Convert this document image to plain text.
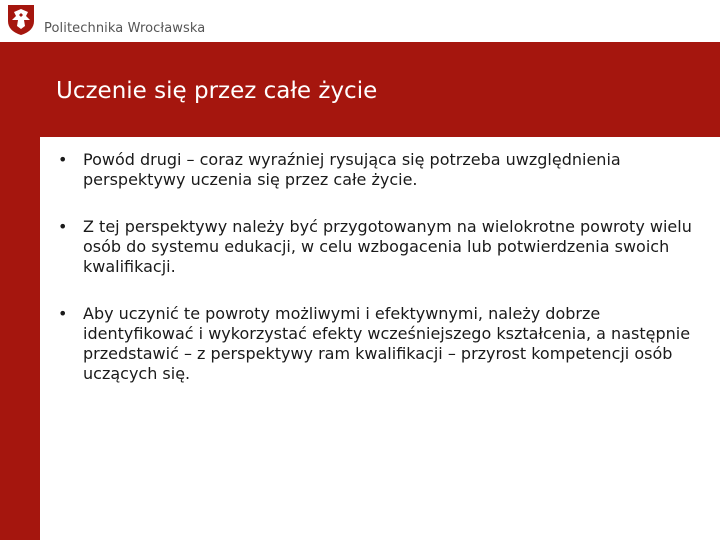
Politechnika Wrocławska
Uczenie się przez całe życie
• Powód drugi – coraz wyraźniej rysująca się potrzeba uwzględnienia perspektywy uczenia się przez całe życie.
• Z tej perspektywy należy być przygotowanym na wielokrotne powroty wielu osób do systemu edukacji, w celu wzbogacenia lub potwierdzenia swoich kwalifikacji.
• Aby uczynić te powroty możliwymi i efektywnymi, należy dobrze identyfikować i wykorzystać efekty wcześniejszego kształcenia, a następnie przedstawić – z perspektywy ram kwalifikacji – przyrost kompetencji osób uczących się.
